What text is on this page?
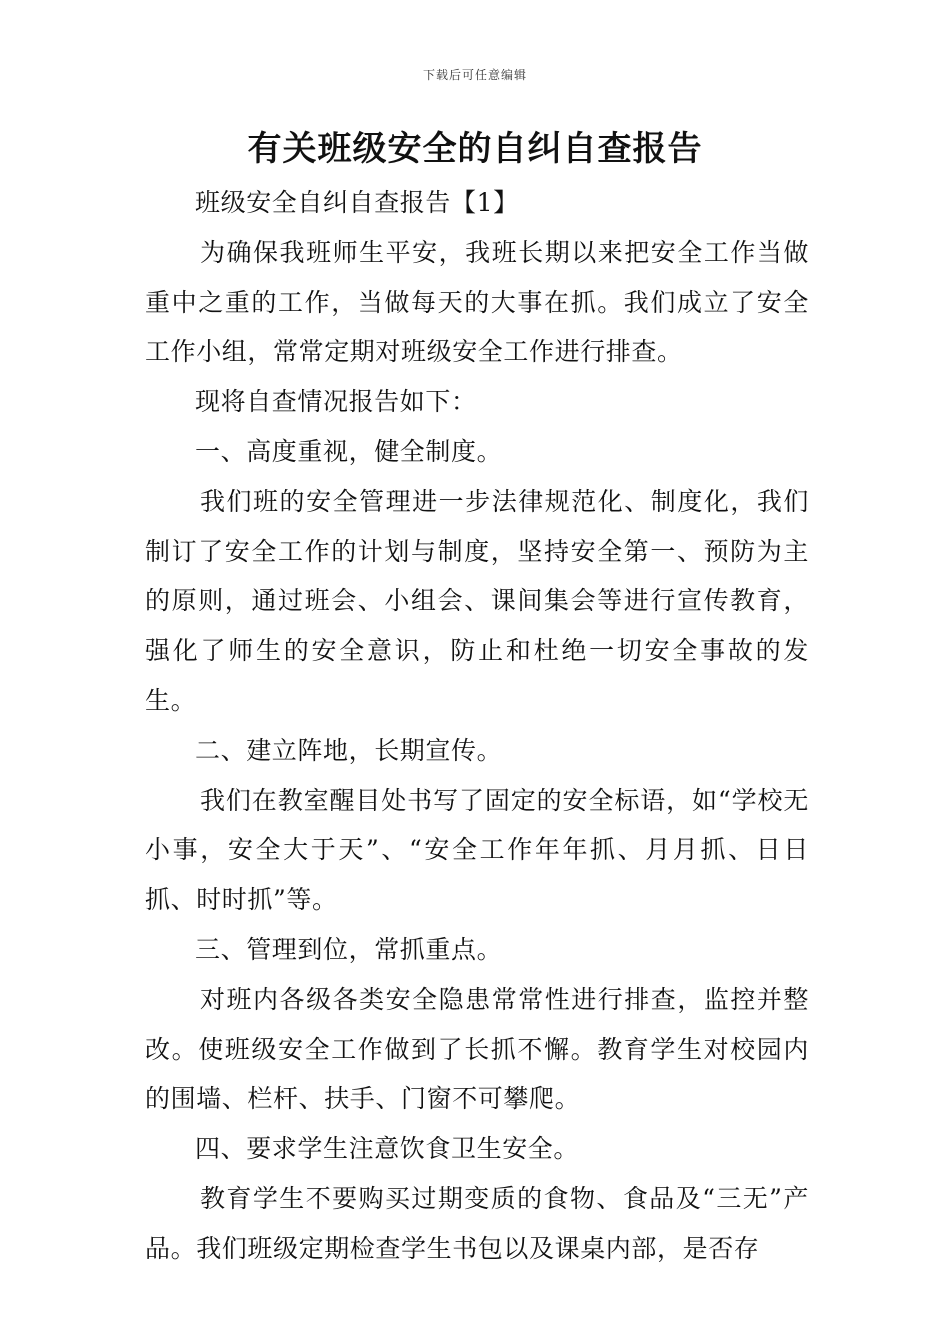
下载后可任意编辑
有关班级安全的自纠自查报告

班级安全自纠自查报告【1】

为确保我班师生平安，我班长期以来把安全工作当做重中之重的工作，当做每天的大事在抓。我们成立了安全工作小组，常常定期对班级安全工作进行排查。

现将自查情况报告如下：

一、高度重视，健全制度。

我们班的安全管理进一步法律规范化、制度化，我们制订了安全工作的计划与制度，坚持安全第一、预防为主的原则，通过班会、小组会、课间集会等进行宣传教育，强化了师生的安全意识，防止和杜绝一切安全事故的发生。

二、建立阵地，长期宣传。

我们在教室醒目处书写了固定的安全标语，如“学校无小事，安全大于天”、“安全工作年年抓、月月抓、日日抓、时时抓”等。

三、管理到位，常抓重点。

对班内各级各类安全隐患常常性进行排查，监控并整改。使班级安全工作做到了长抓不懈。教育学生对校园内的围墙、栏杆、扶手、门窗不可攀爬。

四、要求学生注意饮食卫生安全。

教育学生不要购买过期变质的食物、食品及“三无”产品。我们班级定期检查学生书包以及课桌内部，是否存
